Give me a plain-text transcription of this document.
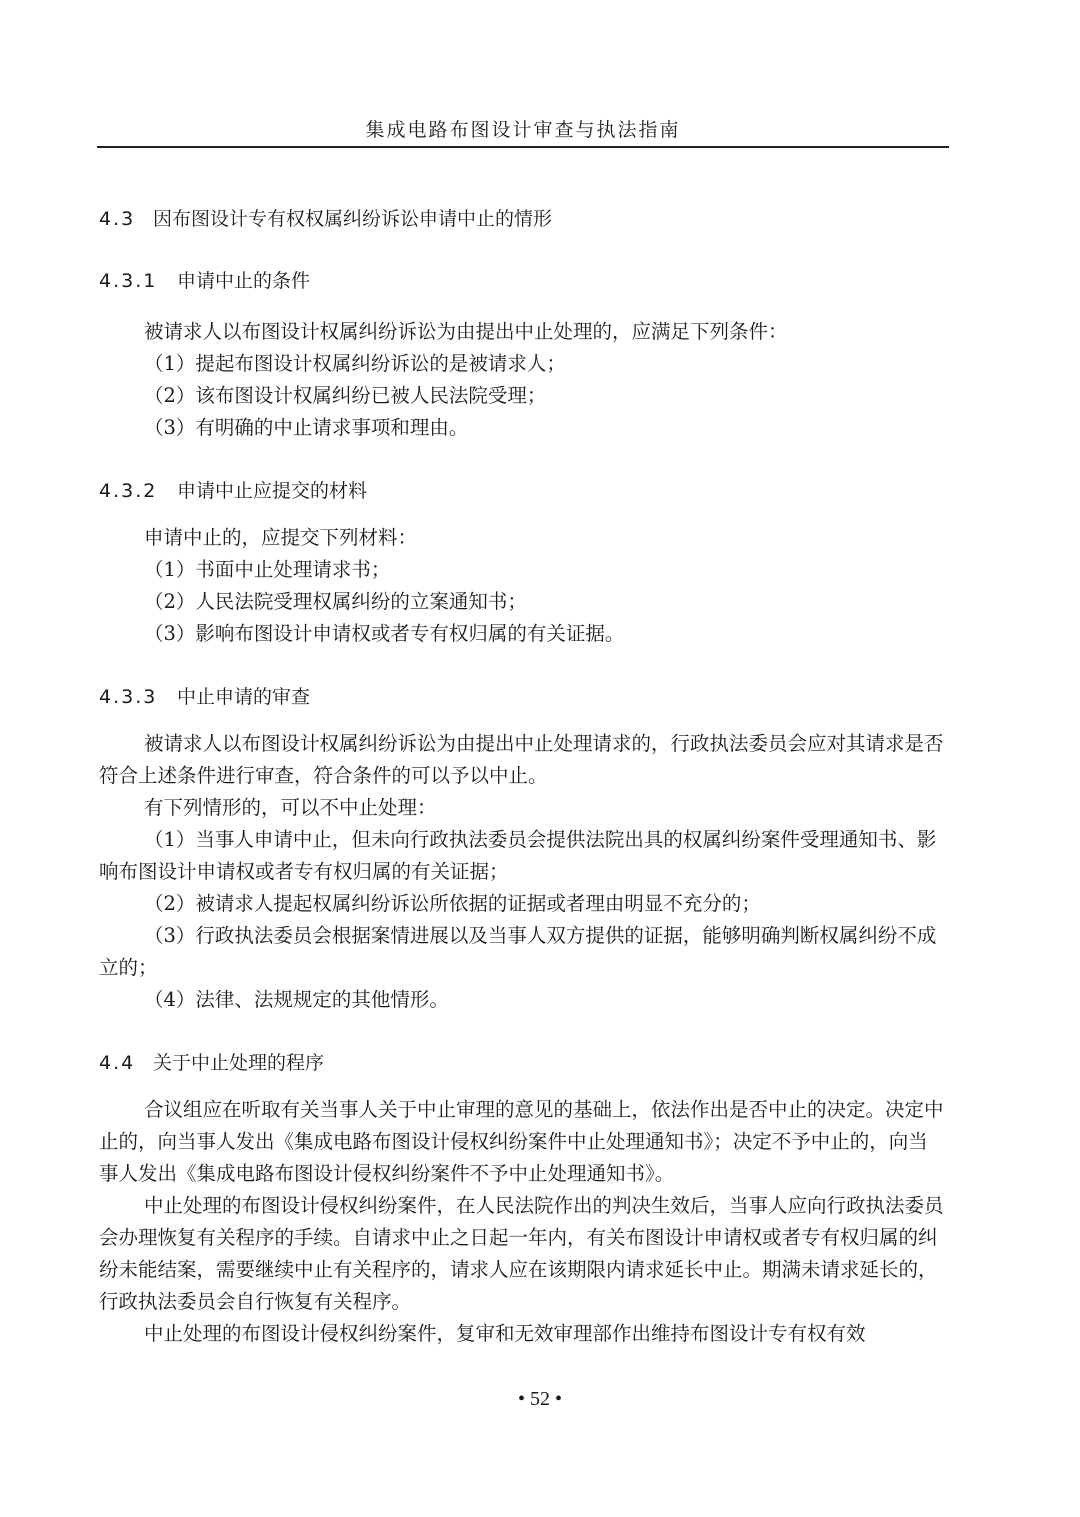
集成电路布图设计审查与执法指南
4.3 因布图设计专有权权属纠纷诉讼申请中止的情形
4.3.1 申请中止的条件

被请求人以布图设计权属纠纷诉讼为由提出中止处理的，应满足下列条件：

（1）提起布图设计权属纠纷诉讼的是被请求人；

（2）该布图设计权属纠纷已被人民法院受理；

（3）有明确的中止请求事项和理由。

4.3.2 申请中止应提交的材料

申请中止的，应提交下列材料：

（1）书面中止处理请求书；

（2）人民法院受理权属纠纷的立案通知书；

（3）影响布图设计申请权或者专有权归属的有关证据。

4.3.3 中止申请的审查

被请求人以布图设计权属纠纷诉讼为由提出中止处理请求的，行政执法委员会应对其请求是否符合上述条件进行审查，符合条件的可以予以中止。

有下列情形的，可以不中止处理：

（1）当事人申请中止，但未向行政执法委员会提供法院出具的权属纠纷案件受理通知书、影响布图设计申请权或者专有权归属的有关证据；

（2）被请求人提起权属纠纷诉讼所依据的证据或者理由明显不充分的；

（3）行政执法委员会根据案情进展以及当事人双方提供的证据，能够明确判断权属纠纷不成立的；

（4）法律、法规规定的其他情形。

4.4 关于中止处理的程序

合议组应在听取有关当事人关于中止审理的意见的基础上，依法作出是否中止的决定。决定中止的，向当事人发出《集成电路布图设计侵权纠纷案件中止处理通知书》；决定不予中止的，向当事人发出《集成电路布图设计侵权纠纷案件不予中止处理通知书》。

中止处理的布图设计侵权纠纷案件，在人民法院作出的判决生效后，当事人应向行政执法委员会办理恢复有关程序的手续。自请求中止之日起一年内，有关布图设计申请权或者专有权归属的纠纷未能结案，需要继续中止有关程序的，请求人应在该期限内请求延长中止。期满未请求延长的，行政执法委员会自行恢复有关程序。

中止处理的布图设计侵权纠纷案件，复审和无效审理部作出维持布图设计专有权有效

• 52 •
